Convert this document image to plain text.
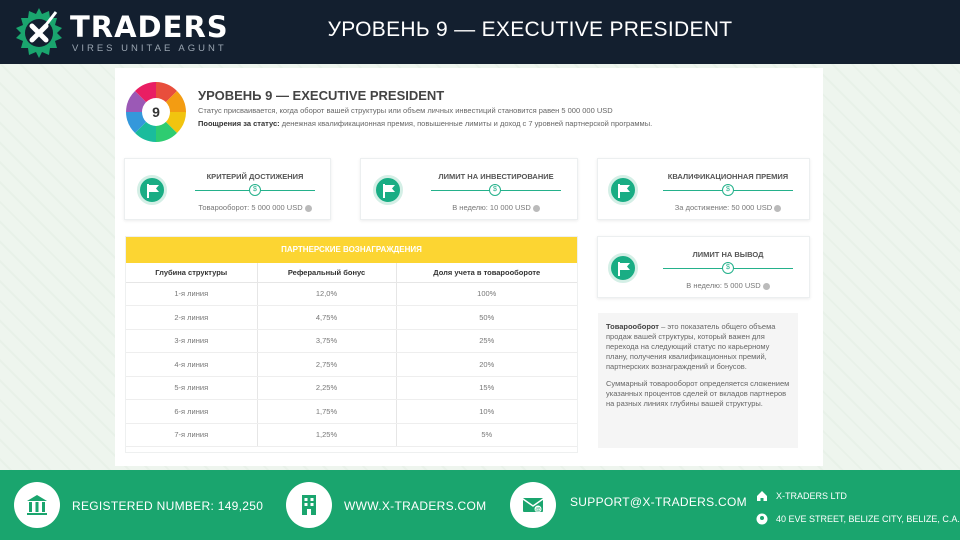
TRADERS
VIRES UNITAE AGUNT
УРОВЕНЬ 9 — EXECUTIVE PRESIDENT
9
УРОВЕНЬ 9 — EXECUTIVE PRESIDENT
Статус присваивается, когда оборот вашей структуры или объем личных инвестиций становится равен 5 000 000 USD
Поощрения за статус: денежная квалификационная премия, повышенные лимиты и доход с 7 уровней партнерской программы.
КРИТЕРИЙ ДОСТИЖЕНИЯ
$
Товарооборот: 5 000 000 USD
ЛИМИТ НА ИНВЕСТИРОВАНИЕ
$
В неделю: 10 000 USD
КВАЛИФИКАЦИОННАЯ ПРЕМИЯ
$
За достижение: 50 000 USD
ЛИМИТ НА ВЫВОД
$
В неделю: 5 000 USD
ПАРТНЕРСКИЕ ВОЗНАГРАЖДЕНИЯ
Глубина структуры	Реферальный бонус	Доля учета в товарообороте
1-я линия	12,0%	100%
2-я линия	4,75%	50%
3-я линия	3,75%	25%
4-я линия	2,75%	20%
5-я линия	2,25%	15%
6-я линия	1,75%	10%
7-я линия	1,25%	5%

Товарооборот – это показатель общего объема продаж вашей структуры, который важен для перехода на следующий статус по карьерному плану, получения квалификационных премий, партнерских вознаграждений и бонусов.

Суммарный товарооборот определяется сложением указанных процентов сделей от вкладов партнеров на разных линиях глубины вашей структуры.

REGISTERED NUMBER: 149,250	WWW.X-TRADERS.COM	@
SUPPORT@X-TRADERS.COM	X-TRADERS LTD
40 EVE STREET, BELIZE CITY, BELIZE, C.A.
